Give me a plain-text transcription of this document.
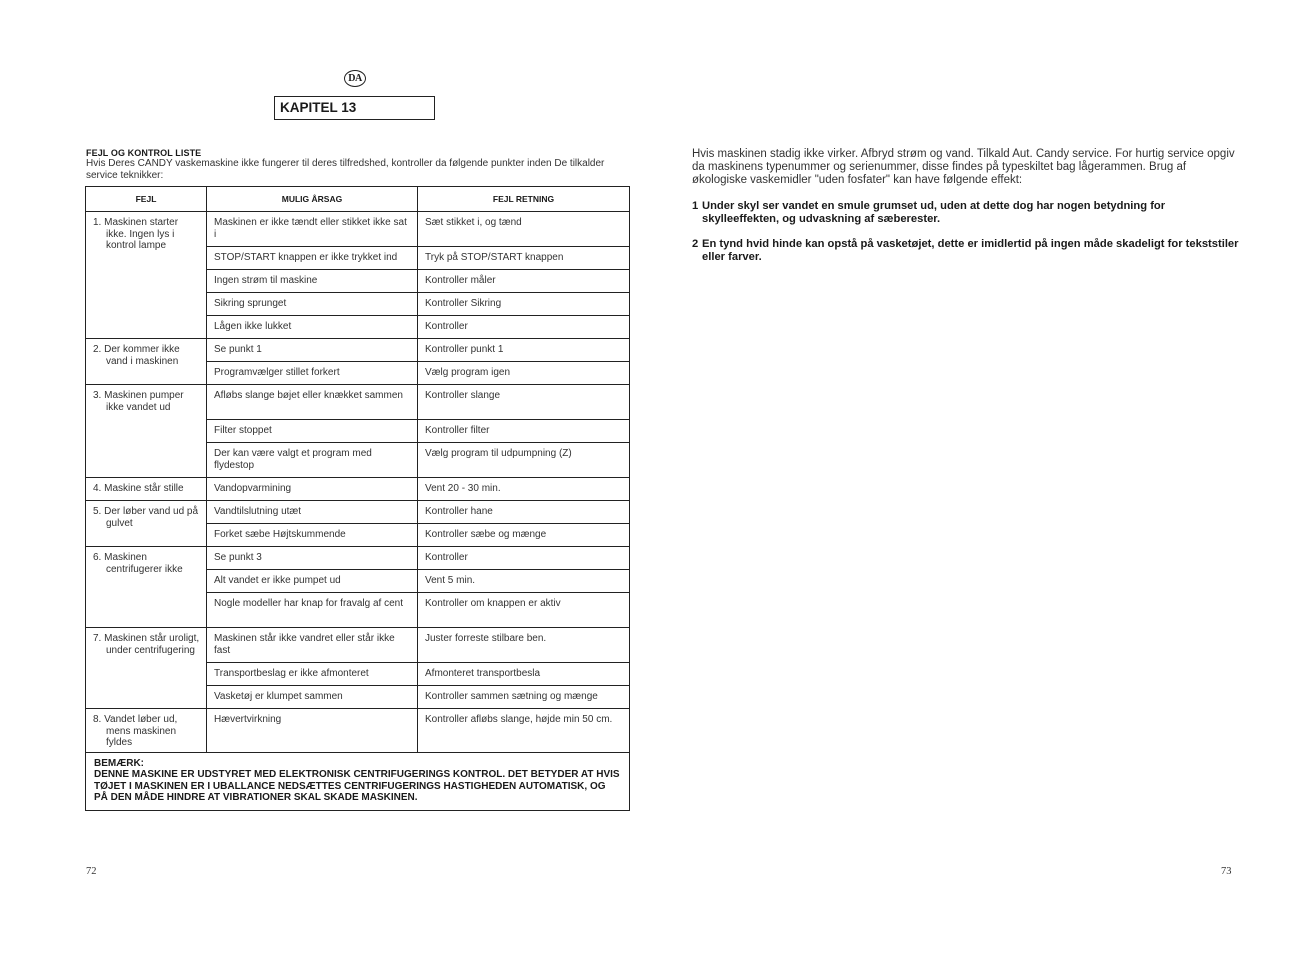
DA
KAPITEL 13
FEJL OG KONTROL LISTE
Hvis Deres CANDY vaskemaskine ikke fungerer til deres tilfredshed, kontroller da følgende punkter inden De tilkalder service teknikker:
FEJL	MULIG ÅRSAG	FEJL RETNING

1. Maskinen starter ikke. Ingen lys i kontrol lampe	Maskinen er ikke tændt eller stikket ikke sat i	Sæt stikket i, og tænd
	STOP/START knappen er ikke trykket ind	Tryk på STOP/START knappen
	Ingen strøm til maskine	Kontroller måler
	Sikring sprunget	Kontroller Sikring
	Lågen ikke lukket	Kontroller

2. Der kommer ikke vand i maskinen	Se punkt 1	Kontroller punkt 1
	Programvælger stillet forkert	Vælg program igen

3. Maskinen pumper ikke vandet ud	Afløbs slange bøjet eller knækket sammen	Kontroller slange
	Filter stoppet	Kontroller filter
	Der kan være valgt et program med flydestop	Vælg program til udpumpning (Z)

4. Maskine står stille	Vandopvarmining	Vent 20 - 30 min.

5. Der løber vand ud på gulvet	Vandtilslutning utæt	Kontroller hane
	Forket sæbe Højtskummende	Kontroller sæbe og mænge

6. Maskinen centrifugerer ikke	Se punkt 3	Kontroller
	Alt vandet er ikke pumpet ud	Vent 5 min.
	Nogle modeller har knap for fravalg af cent	Kontroller om knappen er aktiv

7. Maskinen står uroligt, under centrifugering	Maskinen står ikke vandret eller står ikke fast	Juster forreste stilbare ben.
	Transportbeslag er ikke afmonteret	Afmonteret transportbesla
	Vasketøj er klumpet sammen	Kontroller sammen sætning og mænge

8. Vandet løber ud, mens maskinen fyldes	Hævertvirkning	Kontroller afløbs slange, højde min 50 cm.

BEMÆRK:
DENNE MASKINE ER UDSTYRET MED ELEKTRONISK CENTRIFUGERINGS KONTROL. DET BETYDER AT HVIS TØJET I MASKINEN ER I UBALLANCE NEDSÆTTES CENTRIFUGERINGS HASTIGHEDEN AUTOMATISK, OG PÅ DEN MÅDE HINDRE AT VIBRATIONER SKAL SKADE MASKINEN.		
72
Hvis maskinen stadig ikke virker. Afbryd strøm og vand. Tilkald Aut. Candy service. For hurtig service opgiv da maskinens typenummer og serienummer, disse findes på typeskiltet bag lågerammen. Brug af økologiske vaskemidler "uden fosfater" kan have følgende effekt:
1 Under skyl ser vandet en smule grumset ud, uden at dette dog har nogen betydning for skylleeffekten, og udvaskning af sæberester.
2 En tynd hvid hinde kan opstå på vasketøjet, dette er imidlertid på ingen måde skadeligt for tekststiler eller farver.
73
